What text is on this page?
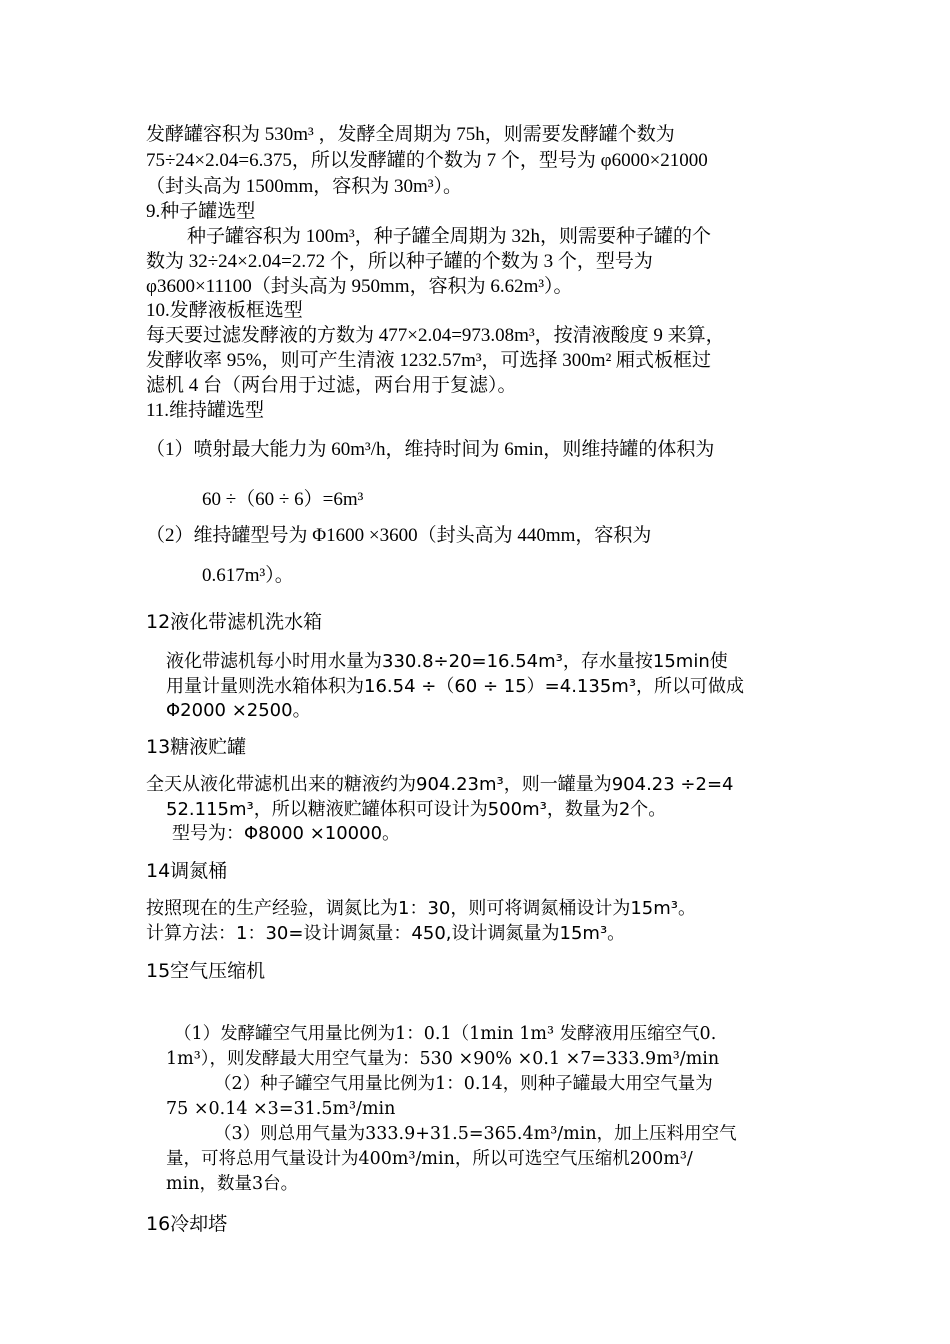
发酵罐容积为 530m³ ，发酵全周期为 75h，则需要发酵罐个数为
75÷24×2.04=6.375，所以发酵罐的个数为 7 个，型号为 φ6000×21000
（封头高为 1500mm，容积为 30m³）。
9.种子罐选型
种子罐容积为 100m³，种子罐全周期为 32h，则需要种子罐的个
数为 32÷24×2.04=2.72 个，所以种子罐的个数为 3 个，型号为
φ3600×11100（封头高为 950mm，容积为 6.62m³）。
10.发酵液板框选型
每天要过滤发酵液的方数为 477×2.04=973.08m³，按清液酸度 9 来算，
发酵收率 95%，则可产生清液 1232.57m³，可选择 300m² 厢式板框过
滤机 4 台（两台用于过滤，两台用于复滤）。
11.维持罐选型
（1）喷射最大能力为 60m³/h，维持时间为 6min，则维持罐的体积为
60 ÷（60 ÷ 6）=6m³
（2）维持罐型号为 Φ1600 ×3600（封头高为 440mm，容积为
0.617m³）。
12液化带滤机洗水箱
液化带滤机每小时用水量为330.8÷20=16.54m³，存水量按15min使
用量计量则洗水箱体积为16.54 ÷（60 ÷ 15）=4.135m³，所以可做成
Φ2000 ×2500。
13糖液贮罐
全天从液化带滤机出来的糖液约为904.23m³，则一罐量为904.23 ÷2=4
52.115m³，所以糖液贮罐体积可设计为500m³，数量为2个。
型号为：Φ8000 ×10000。
14调氮桶
按照现在的生产经验，调氮比为1：30，则可将调氮桶设计为15m³。
计算方法：1：30=设计调氮量：450,设计调氮量为15m³。
15空气压缩机
（1）发酵罐空气用量比例为1：0.1（1min 1m³ 发酵液用压缩空气0.
1m³），则发酵最大用空气量为：530 ×90% ×0.1 ×7=333.9m³/min
（2）种子罐空气用量比例为1：0.14，则种子罐最大用空气量为
75 ×0.14 ×3=31.5m³/min
（3）则总用气量为333.9+31.5=365.4m³/min，加上压料用空气
量，可将总用气量设计为400m³/min，所以可选空气压缩机200m³/
min，数量3台。
16冷却塔
